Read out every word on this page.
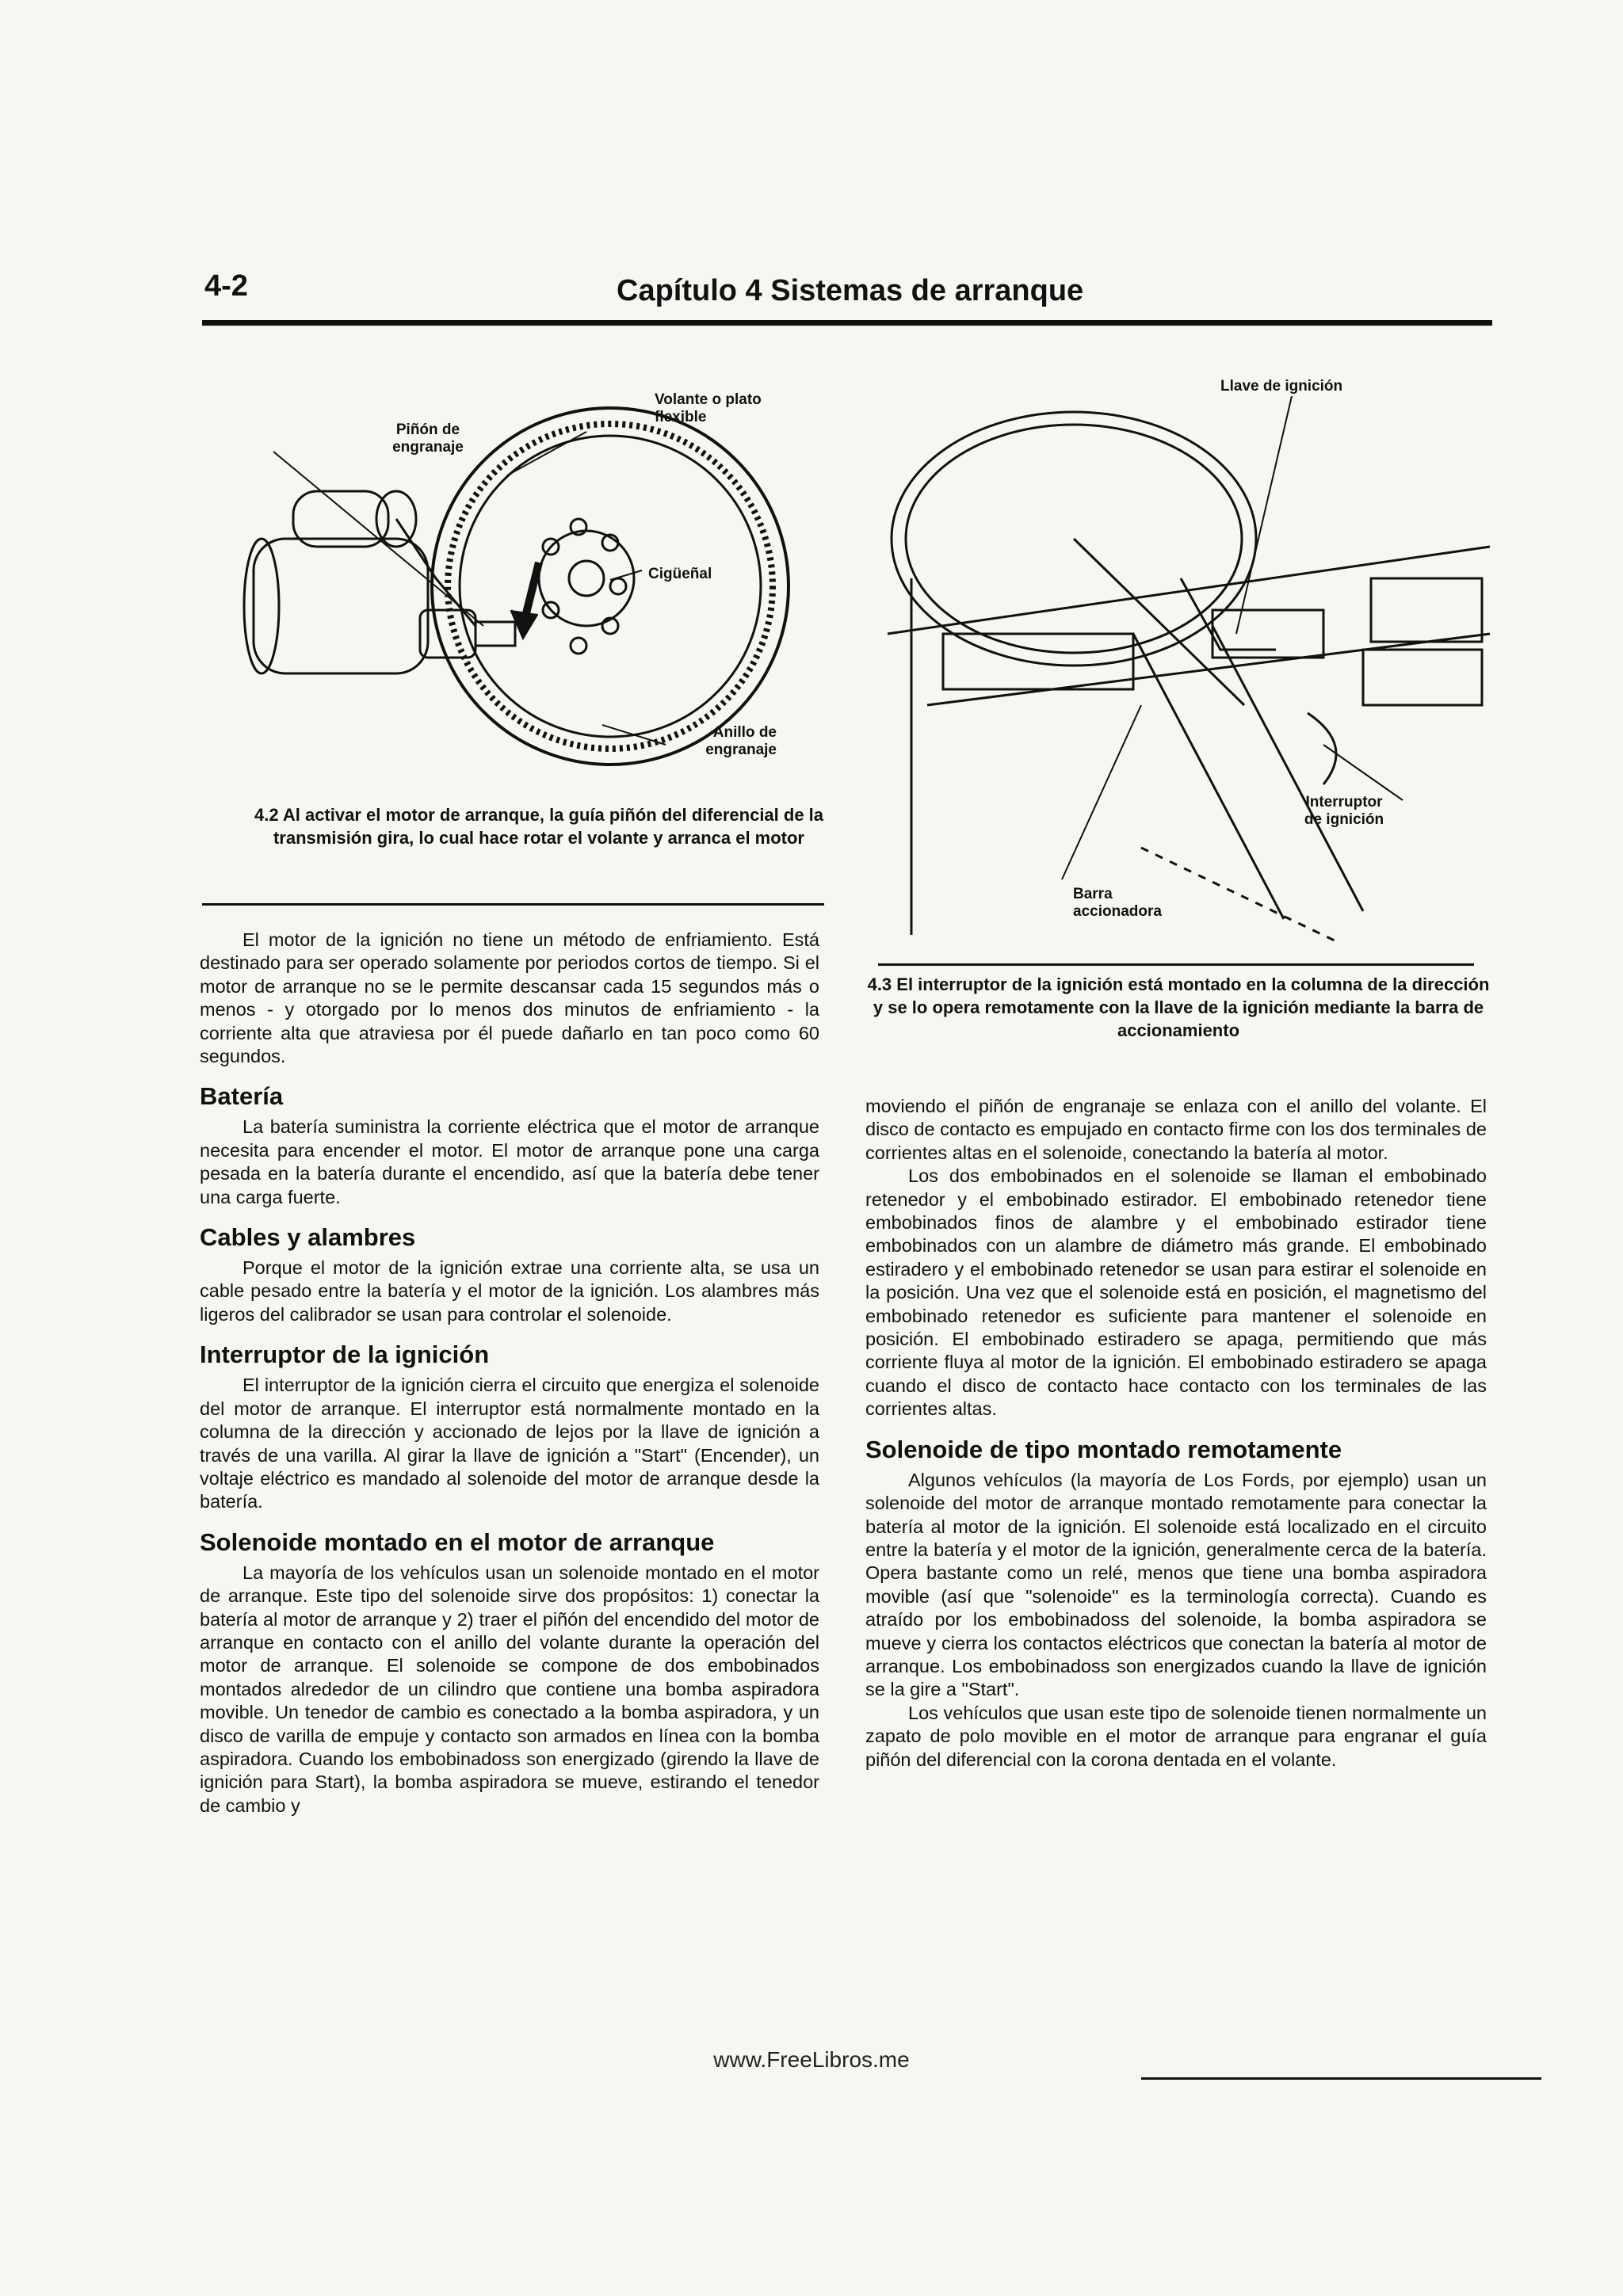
4-2	Capítulo 4 Sistemas de arranque
Piñón de engranaje
Volante o plato flexible
Cigüeñal
Anillo de engranaje
4.2 Al activar el motor de arranque, la guía piñón del diferencial de la transmisión gira, lo cual hace rotar el volante y arranca el motor
Llave de ignición
Interruptor de ignición
Barra accionadora
4.3 El interruptor de la ignición está montado en la columna de la dirección y se lo opera remotamente con la llave de la ignición mediante la barra de accionamiento

El motor de la ignición no tiene un método de enfriamiento. Está destinado para ser operado solamente por periodos cortos de tiempo. Si el motor de arranque no se le permite descansar cada 15 segundos más o menos - y otorgado por lo menos dos minutos de enfriamiento - la corriente alta que atraviesa por él puede dañarlo en tan poco como 60 segundos.

Batería

La batería suministra la corriente eléctrica que el motor de arranque necesita para encender el motor. El motor de arranque pone una carga pesada en la batería durante el encendido, así que la batería debe tener una carga fuerte.

Cables y alambres

Porque el motor de la ignición extrae una corriente alta, se usa un cable pesado entre la batería y el motor de la ignición. Los alambres más ligeros del calibrador se usan para controlar el solenoide.

Interruptor de la ignición

El interruptor de la ignición cierra el circuito que energiza el solenoide del motor de arranque. El interruptor está normalmente montado en la columna de la dirección y accionado de lejos por la llave de ignición a través de una varilla. Al girar la llave de ignición a "Start" (Encender), un voltaje eléctrico es mandado al solenoide del motor de arranque desde la batería.

Solenoide montado en el motor de arranque

La mayoría de los vehículos usan un solenoide montado en el motor de arranque. Este tipo del solenoide sirve dos propósitos: 1) conectar la batería al motor de arranque y 2) traer el piñón del encendido del motor de arranque en contacto con el anillo del volante durante la operación del motor de arranque. El solenoide se compone de dos embobinados montados alrededor de un cilindro que contiene una bomba aspiradora movible. Un tenedor de cambio es conectado a la bomba aspiradora, y un disco de varilla de empuje y contacto son armados en línea con la bomba aspiradora. Cuando los embobinadoss son energizado (girendo la llave de ignición para Start), la bomba aspiradora se mueve, estirando el tenedor de cambio y

moviendo el piñón de engranaje se enlaza con el anillo del volante. El disco de contacto es empujado en contacto firme con los dos terminales de corrientes altas en el solenoide, conectando la batería al motor.

Los dos embobinados en el solenoide se llaman el embobinado retenedor y el embobinado estirador. El embobinado retenedor tiene embobinados finos de alambre y el embobinado estirador tiene embobinados con un alambre de diámetro más grande. El embobinado estiradero y el embobinado retenedor se usan para estirar el solenoide en la posición. Una vez que el solenoide está en posición, el magnetismo del embobinado retenedor es suficiente para mantener el solenoide en posición. El embobinado estiradero se apaga, permitiendo que más corriente fluya al motor de la ignición. El embobinado estiradero se apaga cuando el disco de contacto hace contacto con los terminales de las corrientes altas.

Solenoide de tipo montado remotamente

Algunos vehículos (la mayoría de Los Fords, por ejemplo) usan un solenoide del motor de arranque montado remotamente para conectar la batería al motor de la ignición. El solenoide está localizado en el circuito entre la batería y el motor de la ignición, generalmente cerca de la batería. Opera bastante como un relé, menos que tiene una bomba aspiradora movible (así que "solenoide" es la terminología correcta). Cuando es atraído por los embobinadoss del solenoide, la bomba aspiradora se mueve y cierra los contactos eléctricos que conectan la batería al motor de arranque. Los embobinadoss son energizados cuando la llave de ignición se la gire a "Start".

Los vehículos que usan este tipo de solenoide tienen normalmente un zapato de polo movible en el motor de arranque para engranar el guía piñón del diferencial con la corona dentada en el volante.

www.FreeLibros.me
